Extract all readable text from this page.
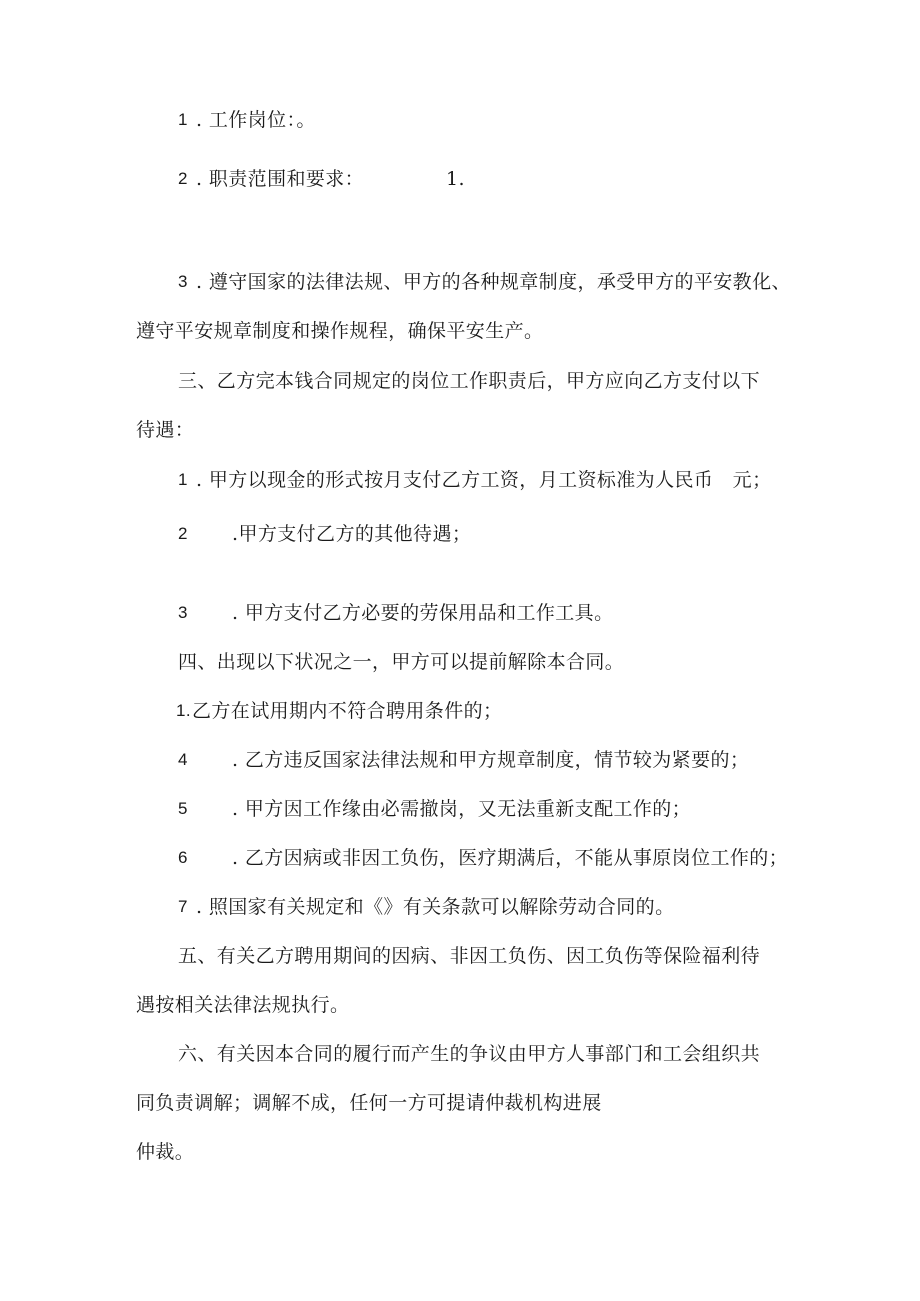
1 . 工作岗位：。
2 . 职责范围和要求：	1.
3 . 遵守国家的法律法规、甲方的各种规章制度，承受甲方的平安教化、
遵守平安规章制度和操作规程，确保平安生产。
三、乙方完本钱合同规定的岗位工作职责后，甲方应向乙方支付以下
待遇：
1 . 甲方以现金的形式按月支付乙方工资，月工资标准为人民币　元；
2 .甲方支付乙方的其他待遇；
3 . 甲方支付乙方必要的劳保用品和工作工具。
四、出现以下状况之一，甲方可以提前解除本合同。
1. 乙方在试用期内不符合聘用条件的；
4 . 乙方违反国家法律法规和甲方规章制度，情节较为紧要的；
5 . 甲方因工作缘由必需撤岗，又无法重新支配工作的；
6 . 乙方因病或非因工负伤，医疗期满后，不能从事原岗位工作的；
7 . 照国家有关规定和《》有关条款可以解除劳动合同的。
五、有关乙方聘用期间的因病、非因工负伤、因工负伤等保险福利待
遇按相关法律法规执行。
六、有关因本合同的履行而产生的争议由甲方人事部门和工会组织共
同负责调解；调解不成，任何一方可提请仲裁机构进展
仲裁。
